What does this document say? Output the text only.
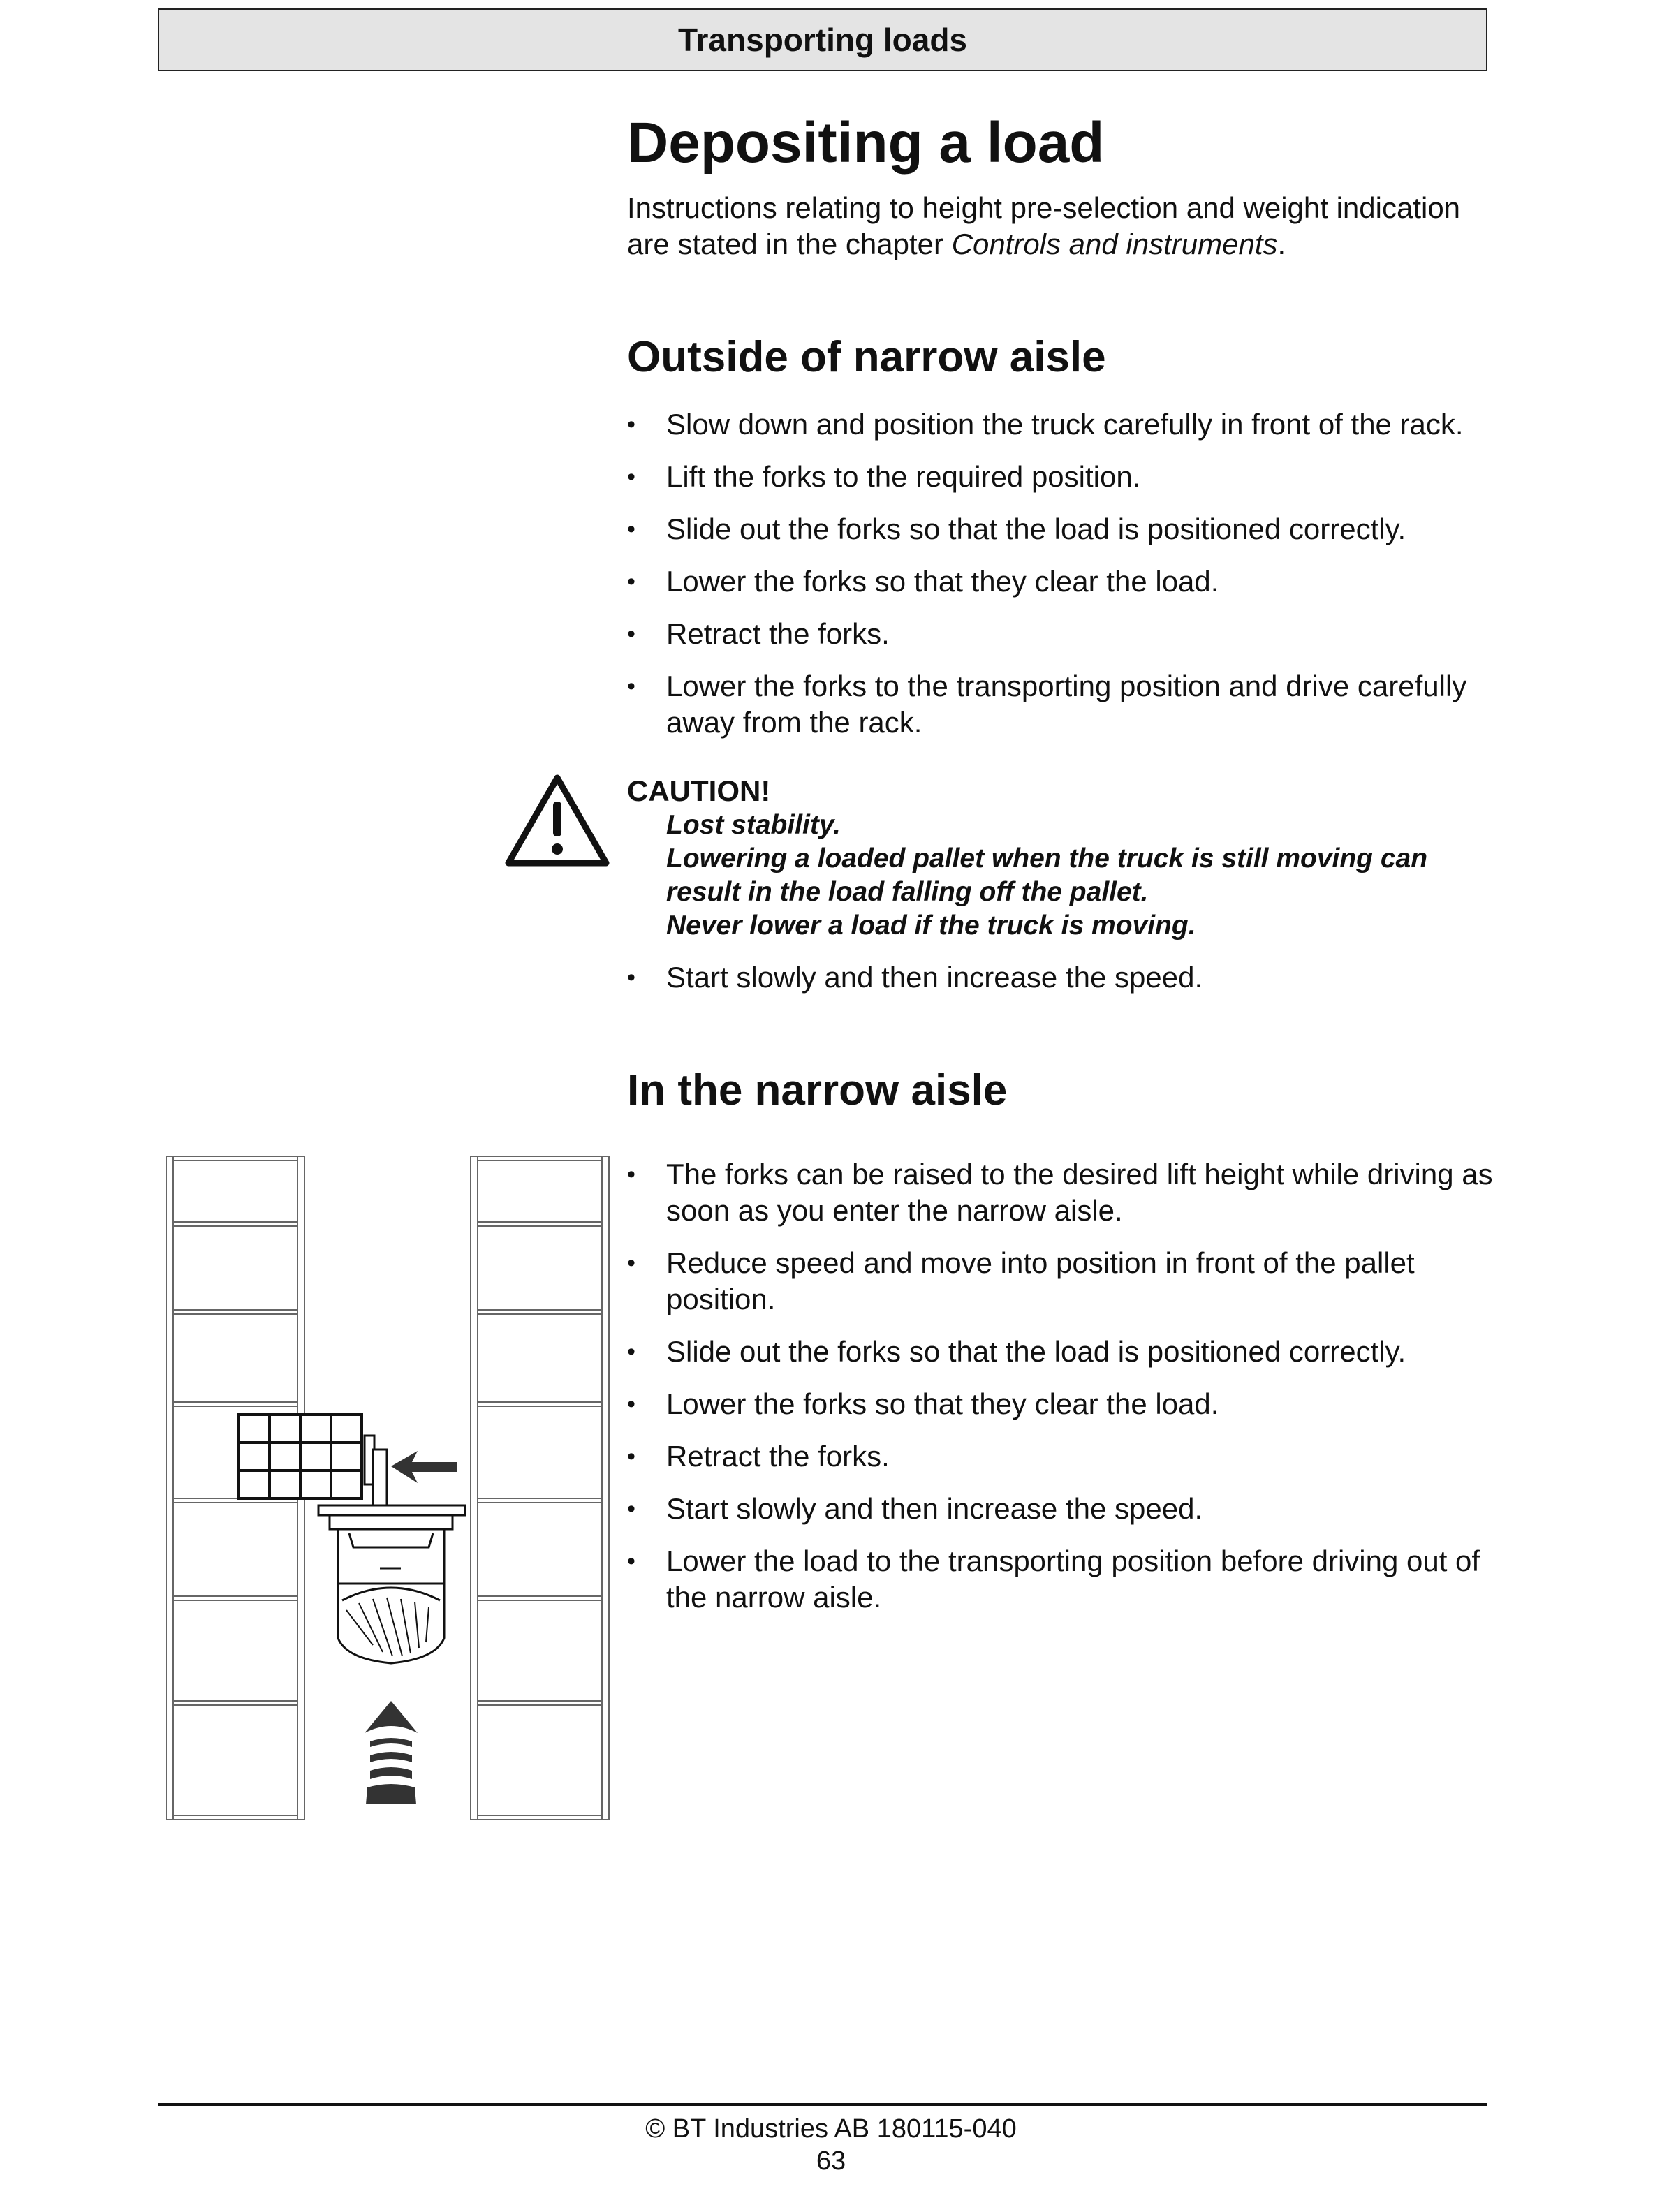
Transporting loads
Depositing a load

Instructions relating to height pre-selection and weight indication are stated in the chapter Controls and instruments.

Outside of narrow aisle
• Slow down and position the truck carefully in front of the rack.
• Lift the forks to the required position.
• Slide out the forks so that the load is positioned correctly.
• Lower the forks so that they clear the load.
• Retract the forks.
• Lower the forks to the transporting position and drive carefully away from the rack.
CAUTION!
Lost stability.
Lowering a loaded pallet when the truck is still moving can result in the load falling off the pallet.
Never lower a load if the truck is moving.
• Start slowly and then increase the speed.
In the narrow aisle
• The forks can be raised to the desired lift height while driving as soon as you enter the narrow aisle.
• Reduce speed and move into position in front of the pallet position.
• Slide out the forks so that the load is positioned correctly.
• Lower the forks so that they clear the load.
• Retract the forks.
• Start slowly and then increase the speed.
• Lower the load to the transporting position before driving out of the narrow aisle.
© BT Industries AB 180115-040
63
